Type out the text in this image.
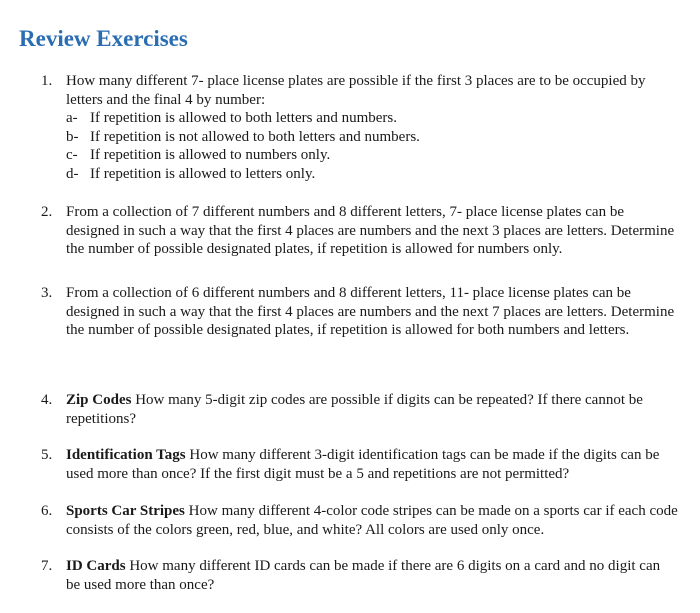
Review Exercises
1. How many different 7- place license plates are possible if the first 3 places are to be occupied by letters and the final 4 by number:
a- If repetition is allowed to both letters and numbers.
b- If repetition is not allowed to both letters and numbers.
c- If repetition is allowed to numbers only.
d- If repetition is allowed to letters only.
2. From a collection of 7 different numbers and 8 different letters, 7- place license plates can be designed in such a way that the first 4 places are numbers and the next 3 places are letters. Determine the number of possible designated plates, if repetition is allowed for numbers only.
3. From a collection of 6 different numbers and 8 different letters, 11- place license plates can be designed in such a way that the first 4 places are numbers and the next 7 places are letters. Determine the number of possible designated plates, if repetition is allowed for both numbers and letters.
4. Zip Codes How many 5-digit zip codes are possible if digits can be repeated? If there cannot be repetitions?
5. Identification Tags How many different 3-digit identification tags can be made if the digits can be used more than once? If the first digit must be a 5 and repetitions are not permitted?
6. Sports Car Stripes How many different 4-color code stripes can be made on a sports car if each code consists of the colors green, red, blue, and white? All colors are used only once.
7. ID Cards How many different ID cards can be made if there are 6 digits on a card and no digit can be used more than once?
